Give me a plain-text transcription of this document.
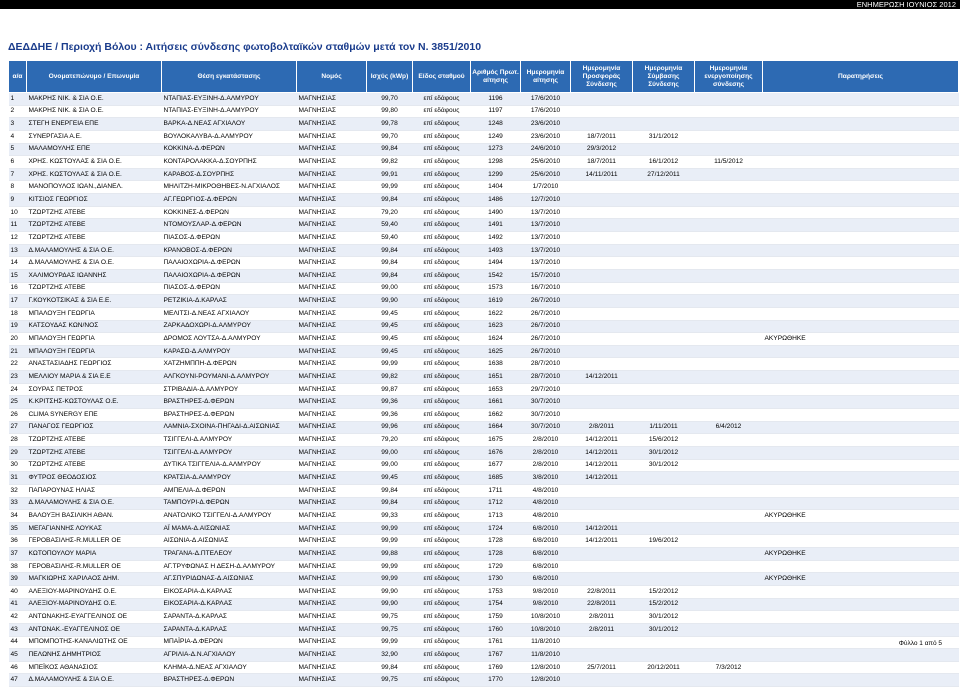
ΕΝΗΜΕΡΩΣΗ ΙΟΥΝΙΟΣ 2012
ΔΕΔΔΗΕ / Περιοχή Βόλου : Αιτήσεις σύνδεσης φωτοβολταϊκών σταθμών μετά τον Ν. 3851/2010
α/α	Ονοματεπώνυμο / Επωνυμία	Θέση εγκατάστασης	Νομός	Ισχύς (kWp)	Είδος σταθμού	Αριθμός Πρωτ. αίτησης	Ημερομηνία αίτησης	Ημερομηνία Προσφοράς Σύνδεσης	Ημερομηνία Σύμβασης Σύνδεσης	Ημερομηνία ενεργοποίησης σύνδεσης	Παρατηρήσεις
1	ΜΑΚΡΗΣ ΝΙΚ. & ΣΙΑ Ο.Ε.	ΝΤΑΠΙΑΣ-ΕΥΞΙΝΗ-Δ.ΑΛΜΥΡΟΥ	ΜΑΓΝΗΣΙΑΣ	99,70	επί εδάφους	1196	17/6/2010				
2	ΜΑΚΡΗΣ ΝΙΚ. & ΣΙΑ Ο.Ε.	ΝΤΑΠΙΑΣ-ΕΥΞΙΝΗ-Δ.ΑΛΜΥΡΟΥ	ΜΑΓΝΗΣΙΑΣ	99,80	επί εδάφους	1197	17/6/2010				
3	ΣΤΕΓΗ ΕΝΕΡΓΕΙΑ ΕΠΕ	ΒΑΡΚΑ-Δ.ΝΕΑΣ ΑΓΧΙΑΛΟΥ	ΜΑΓΝΗΣΙΑΣ	99,78	επί εδάφους	1248	23/6/2010				
4	ΣΥΝΕΡΓΑΣΙΑ Α.Ε.	ΒΟΥΛΟΚΑΛΥΒΑ-Δ.ΑΛΜΥΡΟΥ	ΜΑΓΝΗΣΙΑΣ	99,70	επί εδάφους	1249	23/6/2010	18/7/2011	31/1/2012		
5	ΜΑΛΑΜΟΥΛΗΣ ΕΠΕ	ΚΟΚΚΙΝΑ-Δ.ΦΕΡΩΝ	ΜΑΓΝΗΣΙΑΣ	99,84	επί εδάφους	1273	24/6/2010	29/3/2012			
6	ΧΡΗΣ. ΚΩΣΤΟΥΛΑΣ & ΣΙΑ Ο.Ε.	ΚΟΝΤΑΡΟΛΑΚΚΑ-Δ.ΣΟΥΡΠΗΣ	ΜΑΓΝΗΣΙΑΣ	99,82	επί εδάφους	1298	25/6/2010	18/7/2011	16/1/2012	11/5/2012	
7	ΧΡΗΣ. ΚΩΣΤΟΥΛΑΣ & ΣΙΑ Ο.Ε.	ΚΑΡΑΒΟΣ-Δ.ΣΟΥΡΠΗΣ	ΜΑΓΝΗΣΙΑΣ	99,91	επί εδάφους	1299	25/6/2010	14/11/2011	27/12/2011		
8	ΜΑΝΟΠΟΥΛΟΣ ΙΩΑΝ.,ΔΙΑΝΕΛ.	ΜΗΛΙΤΖΗ-ΜΙΚΡΟΘΗΒΕΣ-Ν.ΑΓΧΙΑΛΟΣ	ΜΑΓΝΗΣΙΑΣ	99,99	επί εδάφους	1404	1/7/2010				
9	ΚΙΤΣΙΟΣ ΓΕΩΡΓΙΟΣ	ΑΓ.ΓΕΩΡΓΙΟΣ-Δ.ΦΕΡΩΝ	ΜΑΓΝΗΣΙΑΣ	99,84	επί εδάφους	1486	12/7/2010				
10	ΤΖΩΡΤΖΗΣ ΑΤΕΒΕ	ΚΟΚΚΙΝΕΣ-Δ.ΦΕΡΩΝ	ΜΑΓΝΗΣΙΑΣ	79,20	επί εδάφους	1490	13/7/2010				
11	ΤΖΩΡΤΖΗΣ ΑΤΕΒΕ	ΝΤΟΜΟΥΣΛΑΡ-Δ.ΦΕΡΩΝ	ΜΑΓΝΗΣΙΑΣ	59,40	επί εδάφους	1491	13/7/2010				
12	ΤΖΩΡΤΖΗΣ ΑΤΕΒΕ	ΠΙΑΣΟΣ-Δ.ΦΕΡΩΝ	ΜΑΓΝΗΣΙΑΣ	59,40	επί εδάφους	1492	13/7/2010				
13	Δ.ΜΑΛΑΜΟΥΛΗΣ & ΣΙΑ Ο.Ε.	ΚΡΑΝΟΒΟΣ-Δ.ΦΕΡΩΝ	ΜΑΓΝΗΣΙΑΣ	99,84	επί εδάφους	1493	13/7/2010				
14	Δ.ΜΑΛΑΜΟΥΛΗΣ & ΣΙΑ Ο.Ε.	ΠΑΛΑΙΟΧΩΡΙΑ-Δ.ΦΕΡΩΝ	ΜΑΓΝΗΣΙΑΣ	99,84	επί εδάφους	1494	13/7/2010				
15	ΧΑΛΙΜΟΥΡΔΑΣ ΙΩΑΝΝΗΣ	ΠΑΛΑΙΟΧΩΡΙΑ-Δ.ΦΕΡΩΝ	ΜΑΓΝΗΣΙΑΣ	99,84	επί εδάφους	1542	15/7/2010				
16	ΤΖΩΡΤΖΗΣ ΑΤΕΒΕ	ΠΙΑΣΟΣ-Δ.ΦΕΡΩΝ	ΜΑΓΝΗΣΙΑΣ	99,00	επί εδάφους	1573	16/7/2010				
17	Γ.ΚΟΥΚΟΤΣΙΚΑΣ & ΣΙΑ Ε.Ε.	ΡΕΤΖΙΚΙΑ-Δ.ΚΑΡΛΑΣ	ΜΑΓΝΗΣΙΑΣ	99,90	επί εδάφους	1619	26/7/2010				
18	ΜΠΑΛΟΥΞΗ ΓΕΩΡΓΙΑ	ΜΕΛΙΤΣΙ-Δ.ΝΕΑΣ ΑΓΧΙΑΛΟΥ	ΜΑΓΝΗΣΙΑΣ	99,45	επί εδάφους	1622	26/7/2010				
19	ΚΑΤΣΟΥΔΑΣ ΚΩΝ/ΝΟΣ	ΖΑΡΚΑΔΟΧΩΡΙ-Δ.ΑΛΜΥΡΟΥ	ΜΑΓΝΗΣΙΑΣ	99,45	επί εδάφους	1623	26/7/2010				
20	ΜΠΑΛΟΥΞΗ ΓΕΩΡΓΙΑ	ΔΡΟΜΟΣ ΛΟΥΤΣΑ-Δ.ΑΛΜΥΡΟΥ	ΜΑΓΝΗΣΙΑΣ	99,45	επί εδάφους	1624	26/7/2010				ΑΚΥΡΩΘΗΚΕ
21	ΜΠΑΛΟΥΞΗ ΓΕΩΡΓΙΑ	ΚΑΡΑΣΩ-Δ.ΑΛΜΥΡΟΥ	ΜΑΓΝΗΣΙΑΣ	99,45	επί εδάφους	1625	26/7/2010				
22	ΑΝΑΣΤΑΣΙΑΔΗΣ ΓΕΩΡΓΙΟΣ	ΧΑΤΖΗΜΠΠΗ-Δ.ΦΕΡΩΝ	ΜΑΓΝΗΣΙΑΣ	99,99	επί εδάφους	1638	28/7/2010				
23	ΜΕΛΛΙΟΥ ΜΑΡΙΑ & ΣΙΑ Ε.Ε	ΑΛΓΚΟΥΝΙ-ΡΟΥΜΑΝΙ-Δ.ΑΛΜΥΡΟΥ	ΜΑΓΝΗΣΙΑΣ	99,82	επί εδάφους	1651	28/7/2010	14/12/2011			
24	ΣΟΥΡΑΣ ΠΕΤΡΟΣ	ΣΤΡΙΒΑΔΙΑ-Δ.ΑΛΜΥΡΟΥ	ΜΑΓΝΗΣΙΑΣ	99,87	επί εδάφους	1653	29/7/2010				
25	Κ.ΚΡΙΤΣΗΣ-ΚΩΣΤΟΥΛΑΣ Ο.Ε.	ΒΡΑΣΤΗΡΕΣ-Δ.ΦΕΡΩΝ	ΜΑΓΝΗΣΙΑΣ	99,36	επί εδάφους	1661	30/7/2010				
26	CLIMA SYNERGY ΕΠΕ	ΒΡΑΣΤΗΡΕΣ-Δ.ΦΕΡΩΝ	ΜΑΓΝΗΣΙΑΣ	99,36	επί εδάφους	1662	30/7/2010				
27	ΠΑΝΑΓΟΣ ΓΕΩΡΓΙΟΣ	ΛΑΜΝΙΑ-ΣΧΟΙΝΑ-ΠΗΓΑΔΙ-Δ.ΑΙΣΩΝΙΑΣ	ΜΑΓΝΗΣΙΑΣ	99,96	επί εδάφους	1664	30/7/2010	2/8/2011	1/11/2011	6/4/2012	
28	ΤΖΩΡΤΖΗΣ ΑΤΕΒΕ	ΤΣΙΓΓΕΛΙ-Δ.ΑΛΜΥΡΟΥ	ΜΑΓΝΗΣΙΑΣ	79,20	επί εδάφους	1675	2/8/2010	14/12/2011	15/6/2012		
29	ΤΖΩΡΤΖΗΣ ΑΤΕΒΕ	ΤΣΙΓΓΕΛΙ-Δ.ΑΛΜΥΡΟΥ	ΜΑΓΝΗΣΙΑΣ	99,00	επί εδάφους	1676	2/8/2010	14/12/2011	30/1/2012		
30	ΤΖΩΡΤΖΗΣ ΑΤΕΒΕ	ΔΥΤΙΚΑ ΤΣΙΓΓΕΛΙΑ-Δ.ΑΛΜΥΡΟΥ	ΜΑΓΝΗΣΙΑΣ	99,00	επί εδάφους	1677	2/8/2010	14/12/2011	30/1/2012		
31	ΦΥΤΡΟΣ ΘΕΟΔΟΣΙΟΣ	ΚΡΑΤΣΙΑ-Δ.ΑΛΜΥΡΟΥ	ΜΑΓΝΗΣΙΑΣ	99,45	επί εδάφους	1685	3/8/2010	14/12/2011			
32	ΠΑΠΑΡΟΥΝΑΣ ΗΛΙΑΣ	ΑΜΠΕΛΙΑ-Δ.ΦΕΡΩΝ	ΜΑΓΝΗΣΙΑΣ	99,84	επί εδάφους	1711	4/8/2010				
33	Δ.ΜΑΛΑΜΟΥΛΗΣ & ΣΙΑ Ο.Ε.	ΤΑΜΠΟΥΡΙ-Δ.ΦΕΡΩΝ	ΜΑΓΝΗΣΙΑΣ	99,84	επί εδάφους	1712	4/8/2010				
34	ΒΑΛΟΥΞΗ ΒΑΣΙΛΙΚΗ ΑΘΑΝ.	ΑΝΑΤΟΛΙΚΟ ΤΣΙΓΓΕΛΙ-Δ.ΑΛΜΥΡΟΥ	ΜΑΓΝΗΣΙΑΣ	99,33	επί εδάφους	1713	4/8/2010				ΑΚΥΡΩΘΗΚΕ
35	ΜΕΓΑΓΙΑΝΝΗΣ ΛΟΥΚΑΣ	ΑΪ ΜΑΜΑ-Δ.ΑΙΣΩΝΙΑΣ	ΜΑΓΝΗΣΙΑΣ	99,99	επί εδάφους	1724	6/8/2010	14/12/2011			
36	ΓΕΡΟΒΑΣΙΛΗΣ-R.MULLER ΟΕ	ΑΙΣΩΝΙΑ-Δ.ΑΙΣΩΝΙΑΣ	ΜΑΓΝΗΣΙΑΣ	99,99	επί εδάφους	1728	6/8/2010	14/12/2011	19/6/2012		
37	ΚΩΤΟΠΟΥΛΟΥ ΜΑΡΙΑ	ΤΡΑΓΑΝΑ-Δ.ΠΤΕΛΕΟΥ	ΜΑΓΝΗΣΙΑΣ	99,88	επί εδάφους	1728	6/8/2010				ΑΚΥΡΩΘΗΚΕ
38	ΓΕΡΟΒΑΣΙΛΗΣ-R.MULLER ΟΕ	ΑΓ.ΤΡΥΦΩΝΑΣ Η ΔΕΣΗ-Δ.ΑΛΜΥΡΟΥ	ΜΑΓΝΗΣΙΑΣ	99,99	επί εδάφους	1729	6/8/2010				
39	ΜΑΓΚΙΩΡΗΣ ΧΑΡΙΛΑΟΣ ΔΗΜ.	ΑΓ.ΣΠΥΡΙΔΩΝΑΣ-Δ.ΑΙΣΩΝΙΑΣ	ΜΑΓΝΗΣΙΑΣ	99,99	επί εδάφους	1730	6/8/2010				ΑΚΥΡΩΘΗΚΕ
40	ΑΛΕΞΙΟΥ-ΜΑΡΙΝΟΥΔΗΣ Ο.Ε.	ΕΙΚΟΣΑΡΙΑ-Δ.ΚΑΡΛΑΣ	ΜΑΓΝΗΣΙΑΣ	99,90	επί εδάφους	1753	9/8/2010	22/8/2011	15/2/2012		
41	ΑΛΕΞΙΟΥ-ΜΑΡΙΝΟΥΔΗΣ Ο.Ε.	ΕΙΚΟΣΑΡΙΑ-Δ.ΚΑΡΛΑΣ	ΜΑΓΝΗΣΙΑΣ	99,90	επί εδάφους	1754	9/8/2010	22/8/2011	15/2/2012		
42	ΑΝΤΩΝΑΚΗΣ-ΕΥΑΓΓΕΛΙΝΟΣ ΟΕ	ΣΑΡΑΝΤΑ-Δ.ΚΑΡΛΑΣ	ΜΑΓΝΗΣΙΑΣ	99,75	επί εδάφους	1759	10/8/2010	2/8/2011	30/1/2012		
43	ΑΝΤΩΝΑΚ.-ΕΥΑΓΓΕΛΙΝΟΣ ΟΕ	ΣΑΡΑΝΤΑ-Δ.ΚΑΡΛΑΣ	ΜΑΓΝΗΣΙΑΣ	99,75	επί εδάφους	1760	10/8/2010	2/8/2011	30/1/2012		
44	ΜΠΟΜΠΟΤΗΣ-ΚΑΝΑΛΙΩΤΗΣ ΟΕ	ΜΠΑΪΡΙΑ-Δ.ΦΕΡΩΝ	ΜΑΓΝΗΣΙΑΣ	99,99	επί εδάφους	1761	11/8/2010				
45	ΠΕΛΩΝΗΣ ΔΗΜΗΤΡΙΟΣ	ΑΓΡΙΛΙΑ-Δ.Ν.ΑΓΧΙΑΛΟΥ	ΜΑΓΝΗΣΙΑΣ	32,90	επί εδάφους	1767	11/8/2010				
46	ΜΠΕΪΚΟΣ ΑΘΑΝΑΣΙΟΣ	ΚΛΗΜΑ-Δ.ΝΕΑΣ ΑΓΧΙΑΛΟΥ	ΜΑΓΝΗΣΙΑΣ	99,84	επί εδάφους	1769	12/8/2010	25/7/2011	20/12/2011	7/3/2012	
47	Δ.ΜΑΛΑΜΟΥΛΗΣ & ΣΙΑ Ο.Ε.	ΒΡΑΣΤΗΡΕΣ-Δ.ΦΕΡΩΝ	ΜΑΓΝΗΣΙΑΣ	99,75	επί εδάφους	1770	12/8/2010				
Φύλλο 1 από 5
